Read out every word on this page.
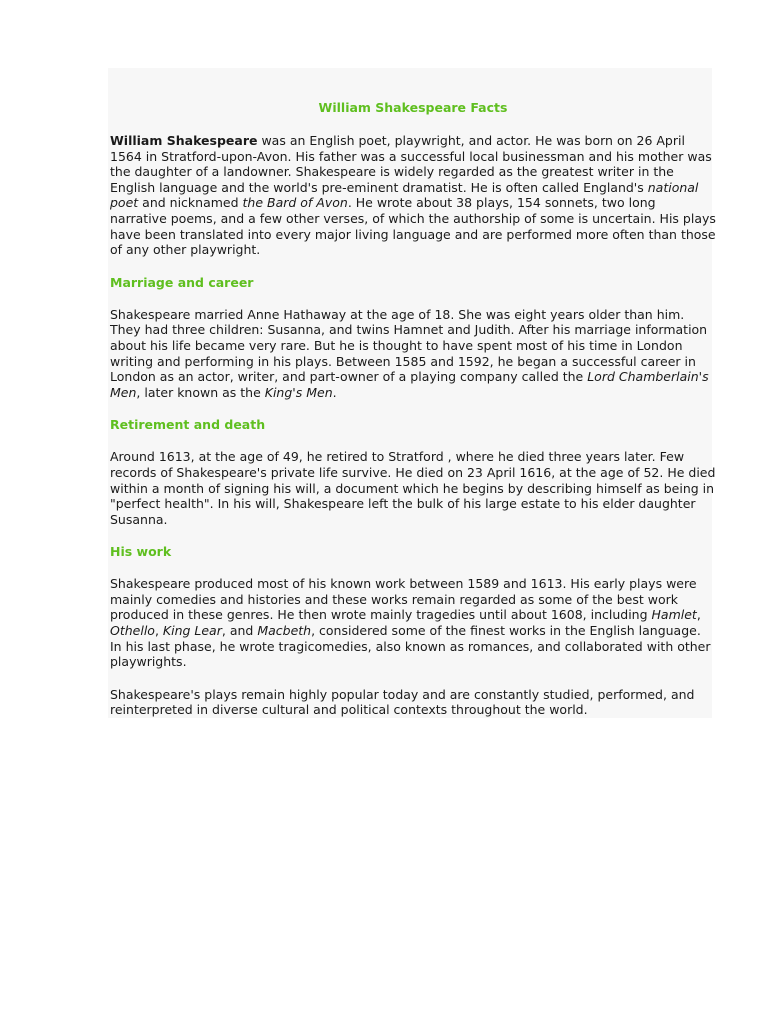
William Shakespeare Facts

William Shakespeare was an English poet, playwright, and actor. He was born on 26 April 1564 in Stratford-upon-Avon. His father was a successful local businessman and his mother was the daughter of a landowner. Shakespeare is widely regarded as the greatest writer in the English language and the world's pre-eminent dramatist. He is often called England's national poet and nicknamed the Bard of Avon. He wrote about 38 plays, 154 sonnets, two long narrative poems, and a few other verses, of which the authorship of some is uncertain. His plays have been translated into every major living language and are performed more often than those of any other playwright.

Marriage and career

Shakespeare married Anne Hathaway at the age of 18. She was eight years older than him. They had three children: Susanna, and twins Hamnet and Judith. After his marriage information about his life became very rare. But he is thought to have spent most of his time in London writing and performing in his plays. Between 1585 and 1592, he began a successful career in London as an actor, writer, and part-owner of a playing company called the Lord Chamberlain's Men, later known as the King's Men.

Retirement and death

Around 1613, at the age of 49, he retired to Stratford , where he died three years later. Few records of Shakespeare's private life survive. He died on 23 April 1616, at the age of 52. He died within a month of signing his will, a document which he begins by describing himself as being in "perfect health". In his will, Shakespeare left the bulk of his large estate to his elder daughter Susanna.

His work

Shakespeare produced most of his known work between 1589 and 1613. His early plays were mainly comedies and histories and these works remain regarded as some of the best work produced in these genres. He then wrote mainly tragedies until about 1608, including Hamlet, Othello, King Lear, and Macbeth, considered some of the finest works in the English language. In his last phase, he wrote tragicomedies, also known as romances, and collaborated with other playwrights.

Shakespeare's plays remain highly popular today and are constantly studied, performed, and reinterpreted in diverse cultural and political contexts throughout the world.
